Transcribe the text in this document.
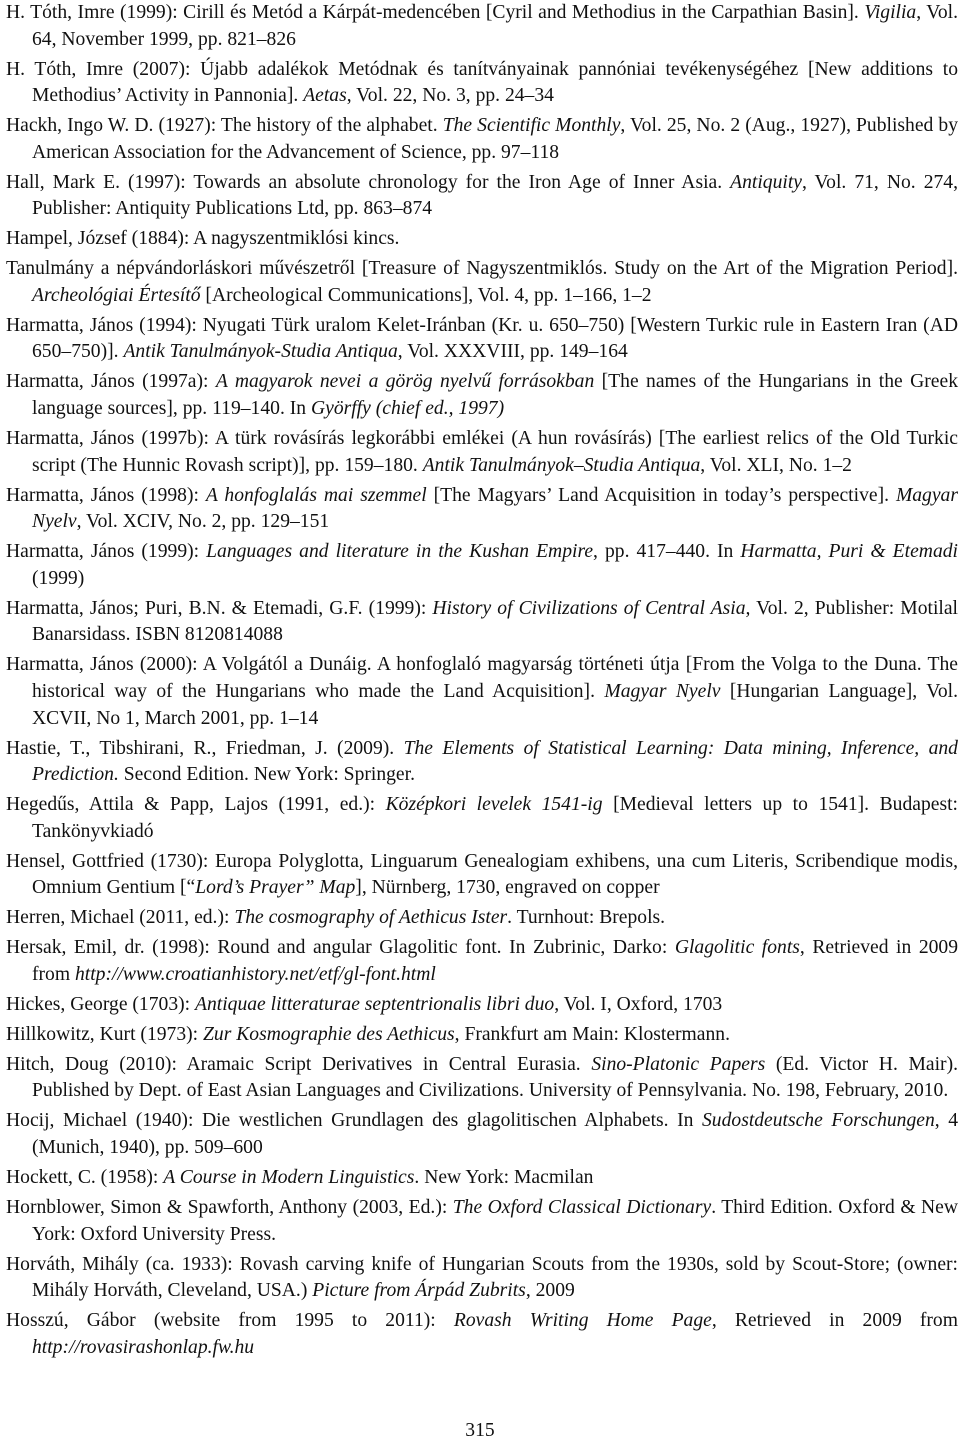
H. Tóth, Imre (1999): Cirill és Metód a Kárpát-medencében [Cyril and Methodius in the Carpathian Basin]. Vigilia, Vol. 64, November 1999, pp. 821–826

H. Tóth, Imre (2007): Újabb adalékok Metódnak és tanítványainak pannóniai tevékenységéhez [New additions to Methodius’ Activity in Pannonia]. Aetas, Vol. 22, No. 3, pp. 24–34

Hackh, Ingo W. D. (1927): The history of the alphabet. The Scientific Monthly, Vol. 25, No. 2 (Aug., 1927), Published by American Association for the Advancement of Science, pp. 97–118

Hall, Mark E. (1997): Towards an absolute chronology for the Iron Age of Inner Asia. Antiquity, Vol. 71, No. 274, Publisher: Antiquity Publications Ltd, pp. 863–874

Hampel, József (1884): A nagyszentmiklósi kincs.

Tanulmány a népvándorláskori művészetről [Treasure of Nagyszentmiklós. Study on the Art of the Migration Period]. Archeológiai Értesítő [Archeological Communications], Vol. 4, pp. 1–166, 1–2

Harmatta, János (1994): Nyugati Türk uralom Kelet-Iránban (Kr. u. 650–750) [Western Turkic rule in Eastern Iran (AD 650–750)]. Antik Tanulmányok-Studia Antiqua, Vol. XXXVIII, pp. 149–164

Harmatta, János (1997a): A magyarok nevei a görög nyelvű forrásokban [The names of the Hungarians in the Greek language sources], pp. 119–140. In Györffy (chief ed., 1997)

Harmatta, János (1997b): A türk rovásírás legkorábbi emlékei (A hun rovásírás) [The earliest relics of the Old Turkic script (The Hunnic Rovash script)], pp. 159–180. Antik Tanulmányok–Studia Antiqua, Vol. XLI, No. 1–2

Harmatta, János (1998): A honfoglalás mai szemmel [The Magyars’ Land Acquisition in today’s perspective]. Magyar Nyelv, Vol. XCIV, No. 2, pp. 129–151

Harmatta, János (1999): Languages and literature in the Kushan Empire, pp. 417–440. In Harmatta, Puri & Etemadi (1999)

Harmatta, János; Puri, B.N. & Etemadi, G.F. (1999): History of Civilizations of Central Asia, Vol. 2, Publisher: Motilal Banarsidass. ISBN 8120814088

Harmatta, János (2000): A Volgától a Dunáig. A honfoglaló magyarság történeti útja [From the Volga to the Duna. The historical way of the Hungarians who made the Land Acquisition]. Magyar Nyelv [Hungarian Language], Vol. XCVII, No 1, March 2001, pp. 1–14

Hastie, T., Tibshirani, R., Friedman, J. (2009). The Elements of Statistical Learning: Data mining, Inference, and Prediction. Second Edition. New York: Springer.

Hegedűs, Attila & Papp, Lajos (1991, ed.): Középkori levelek 1541-ig [Medieval letters up to 1541]. Budapest: Tankönyvkiadó

Hensel, Gottfried (1730): Europa Polyglotta, Linguarum Genealogiam exhibens, una cum Literis, Scribendique modis, Omnium Gentium [“Lord’s Prayer” Map], Nürnberg, 1730, engraved on copper

Herren, Michael (2011, ed.): The cosmography of Aethicus Ister. Turnhout: Brepols.

Hersak, Emil, dr. (1998): Round and angular Glagolitic font. In Zubrinic, Darko: Glagolitic fonts, Retrieved in 2009 from http://www.croatianhistory.net/etf/gl-font.html

Hickes, George (1703): Antiquae litteraturae septentrionalis libri duo, Vol. I, Oxford, 1703

Hillkowitz, Kurt (1973): Zur Kosmographie des Aethicus, Frankfurt am Main: Klostermann.

Hitch, Doug (2010): Aramaic Script Derivatives in Central Eurasia. Sino-Platonic Papers (Ed. Victor H. Mair). Published by Dept. of East Asian Languages and Civilizations. University of Pennsylvania. No. 198, February, 2010.

Hocij, Michael (1940): Die westlichen Grundlagen des glagolitischen Alphabets. In Sudostdeutsche Forschungen, 4 (Munich, 1940), pp. 509–600

Hockett, C. (1958): A Course in Modern Linguistics. New York: Macmilan

Hornblower, Simon & Spawforth, Anthony (2003, Ed.): The Oxford Classical Dictionary. Third Edition. Oxford & New York: Oxford University Press.

Horváth, Mihály (ca. 1933): Rovash carving knife of Hungarian Scouts from the 1930s, sold by Scout-Store; (owner: Mihály Horváth, Cleveland, USA.) Picture from Árpád Zubrits, 2009

Hosszú, Gábor (website from 1995 to 2011): Rovash Writing Home Page, Retrieved in 2009 from http://rovasirashonlap.fw.hu

315
